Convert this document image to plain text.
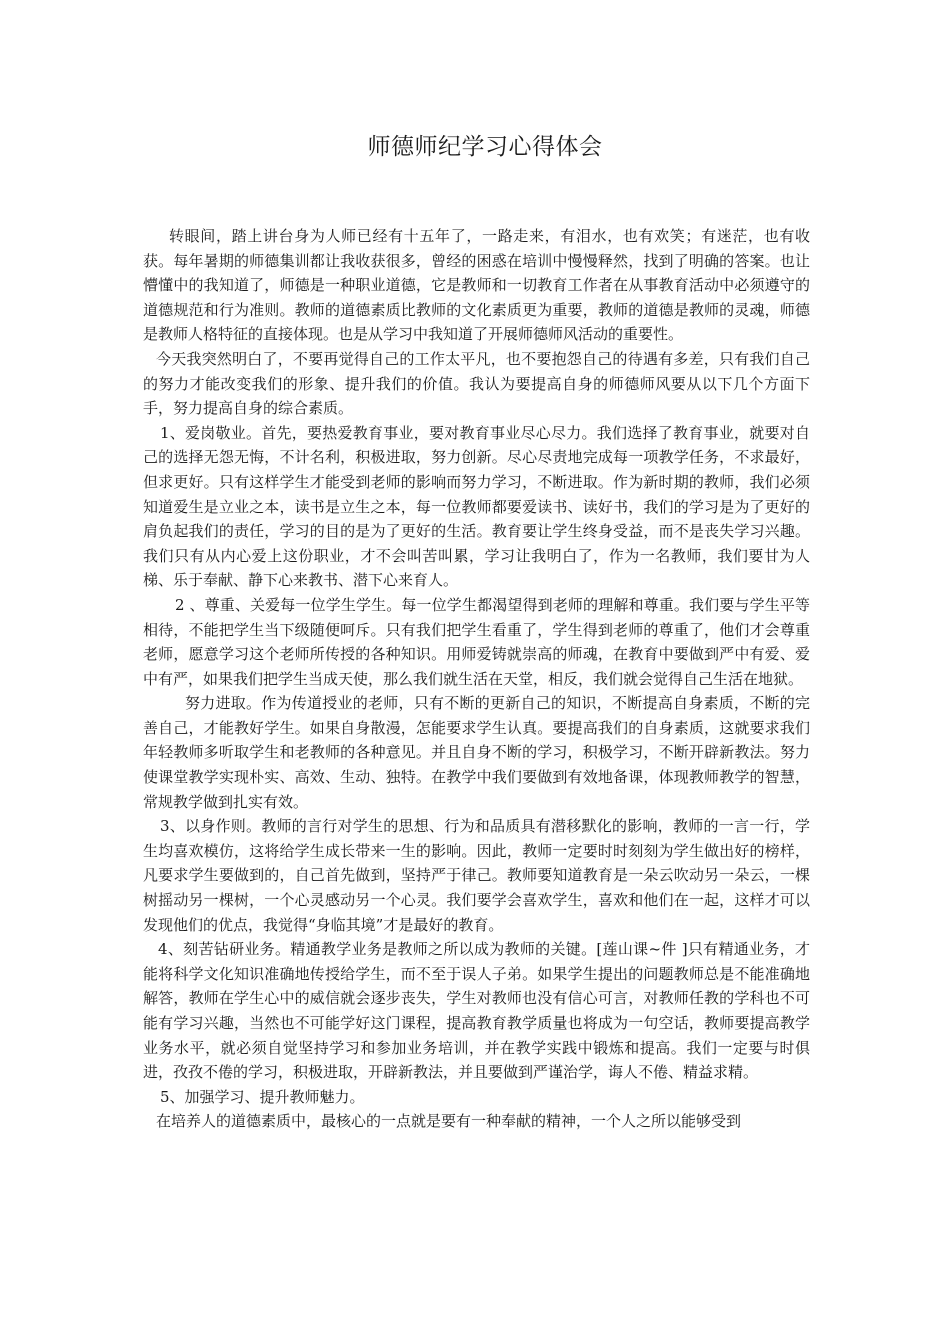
师德师纪学习心得体会

转眼间，踏上讲台身为人师已经有十五年了，一路走来，有泪水，也有欢笑；有迷茫，也有收获。每年暑期的师德集训都让我收获很多，曾经的困惑在培训中慢慢释然，找到了明确的答案。也让懵懂中的我知道了，师德是一种职业道德，它是教师和一切教育工作者在从事教育活动中必须遵守的道德规范和行为准则。教师的道德素质比教师的文化素质更为重要，教师的道德是教师的灵魂，师德是教师人格特征的直接体现。也是从学习中我知道了开展师德师风活动的重要性。

今天我突然明白了，不要再觉得自己的工作太平凡，也不要抱怨自己的待遇有多差，只有我们自己的努力才能改变我们的形象、提升我们的价值。我认为要提高自身的师德师风要从以下几个方面下手，努力提高自身的综合素质。

1、爱岗敬业。首先，要热爱教育事业，要对教育事业尽心尽力。我们选择了教育事业，就要对自己的选择无怨无悔，不计名利，积极进取，努力创新。尽心尽责地完成每一项教学任务，不求最好，但求更好。只有这样学生才能受到老师的影响而努力学习，不断进取。作为新时期的教师，我们必须知道爱生是立业之本，读书是立生之本，每一位教师都要爱读书、读好书，我们的学习是为了更好的肩负起我们的责任，学习的目的是为了更好的生活。教育要让学生终身受益，而不是丧失学习兴趣。我们只有从内心爱上这份职业，才不会叫苦叫累，学习让我明白了，作为一名教师，我们要甘为人梯、乐于奉献、静下心来教书、潜下心来育人。

2 、尊重、关爱每一位学生学生。每一位学生都渴望得到老师的理解和尊重。我们要与学生平等相待，不能把学生当下级随便呵斥。只有我们把学生看重了，学生得到老师的尊重了，他们才会尊重老师，愿意学习这个老师所传授的各种知识。用师爱铸就崇高的师魂，在教育中要做到严中有爱、爱中有严，如果我们把学生当成天使，那么我们就生活在天堂，相反，我们就会觉得自己生活在地狱。

努力进取。作为传道授业的老师，只有不断的更新自己的知识，不断提高自身素质，不断的完善自己，才能教好学生。如果自身散漫，怎能要求学生认真。要提高我们的自身素质，这就要求我们年轻教师多听取学生和老教师的各种意见。并且自身不断的学习，积极学习，不断开辟新教法。努力使课堂教学实现朴实、高效、生动、独特。在教学中我们要做到有效地备课，体现教师教学的智慧，常规教学做到扎实有效。

3、以身作则。教师的言行对学生的思想、行为和品质具有潜移默化的影响，教师的一言一行，学生均喜欢模仿，这将给学生成长带来一生的影响。因此，教师一定要时时刻刻为学生做出好的榜样，凡要求学生要做到的，自己首先做到，坚持严于律己。教师要知道教育是一朵云吹动另一朵云，一棵树摇动另一棵树，一个心灵感动另一个心灵。我们要学会喜欢学生，喜欢和他们在一起，这样才可以发现他们的优点，我觉得“身临其境”才是最好的教育。

4、刻苦钻研业务。精通教学业务是教师之所以成为教师的关键。[莲山课~件 ]只有精通业务，才能将科学文化知识准确地传授给学生，而不至于误人子弟。如果学生提出的问题教师总是不能准确地解答，教师在学生心中的威信就会逐步丧失，学生对教师也没有信心可言，对教师任教的学科也不可能有学习兴趣，当然也不可能学好这门课程，提高教育教学质量也将成为一句空话，教师要提高教学业务水平，就必须自觉坚持学习和参加业务培训，并在教学实践中锻炼和提高。我们一定要与时俱进，孜孜不倦的学习，积极进取，开辟新教法，并且要做到严谨治学，诲人不倦、精益求精。

5、加强学习、提升教师魅力。

在培养人的道德素质中，最核心的一点就是要有一种奉献的精神，一个人之所以能够受到
